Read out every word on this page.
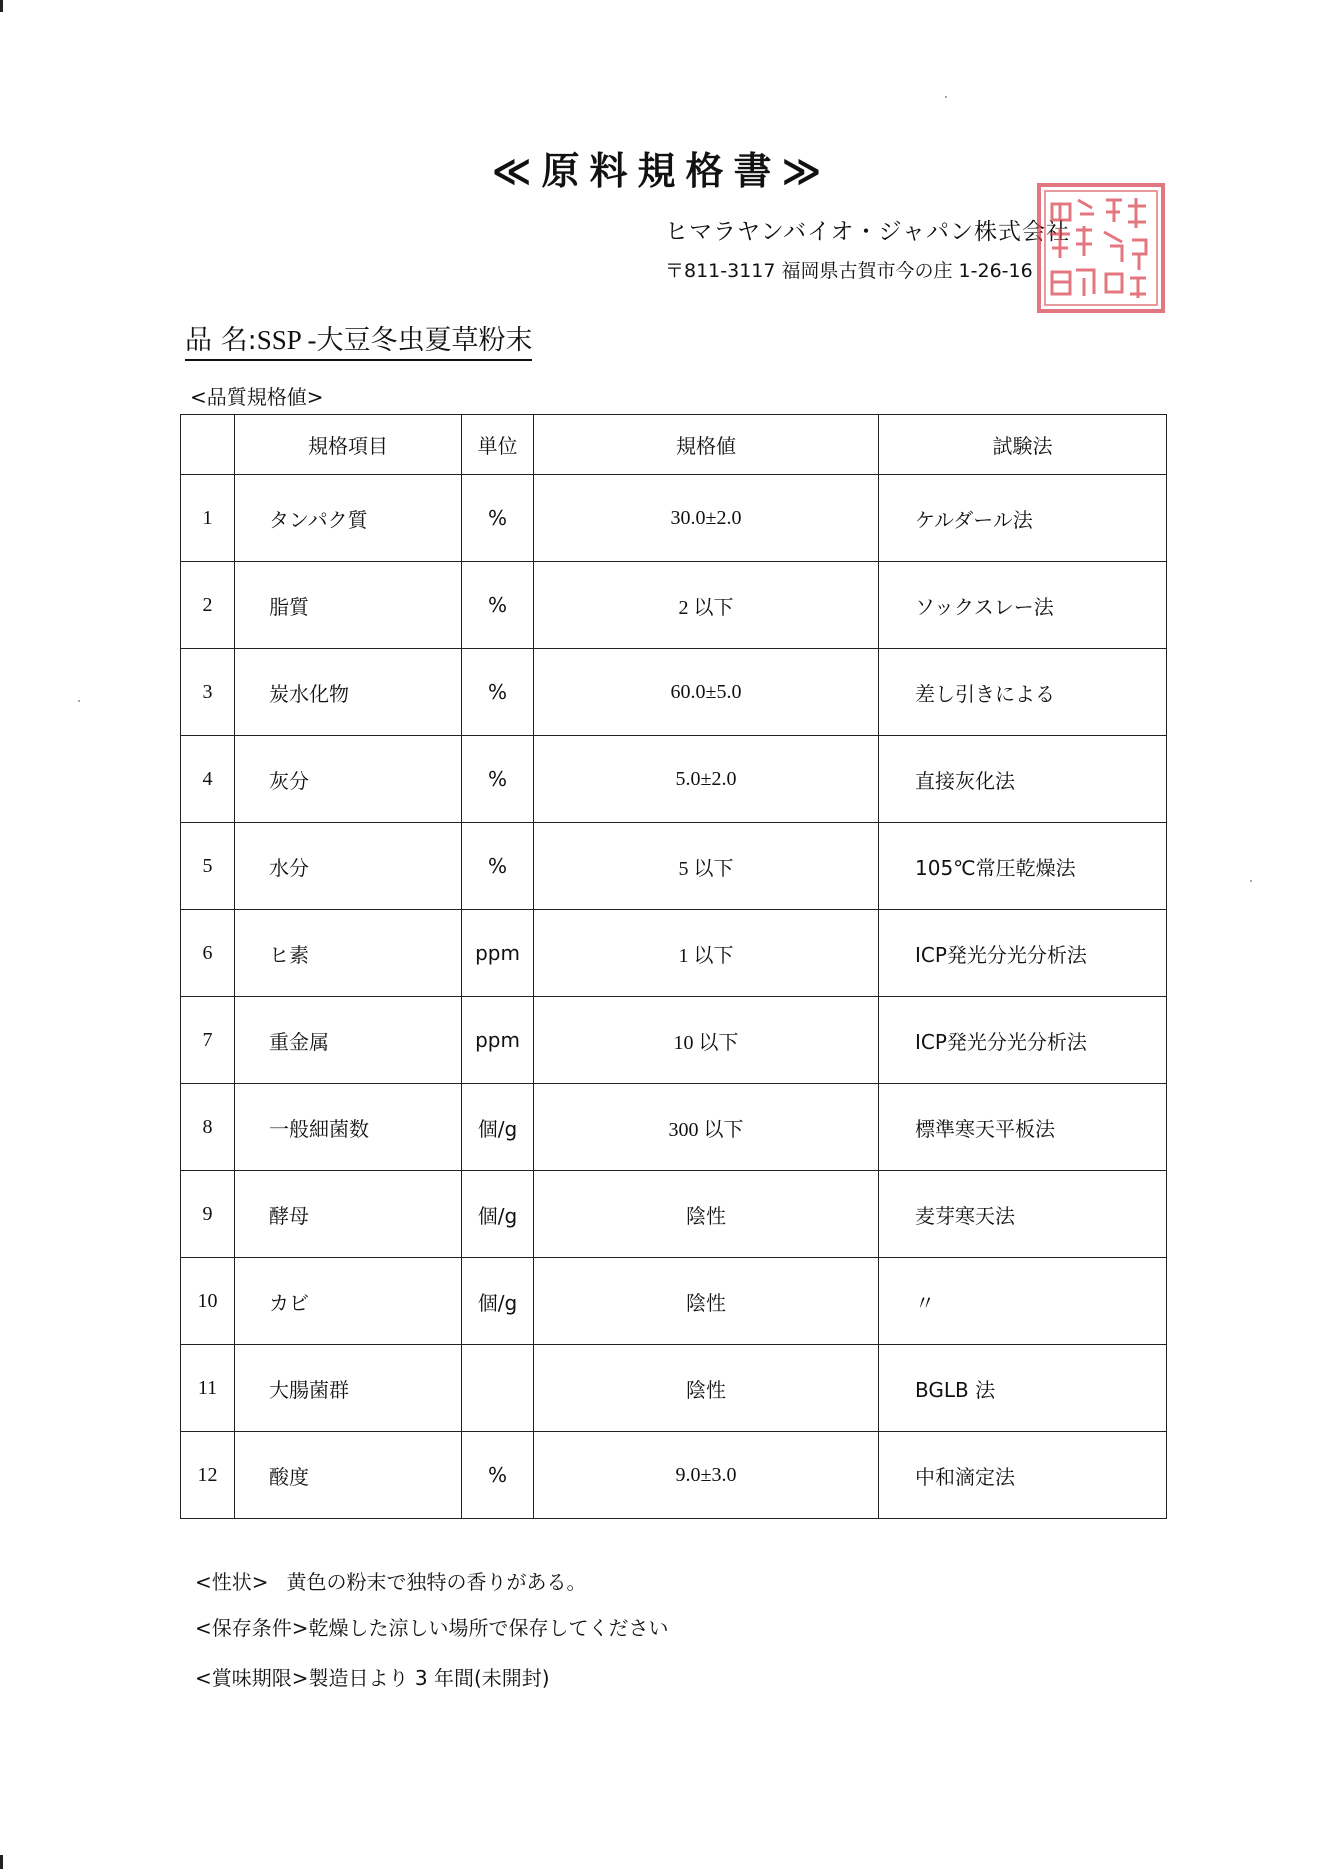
≪原料規格書≫
ヒマラヤンバイオ・ジャパン株式会社
〒811-3117 福岡県古賀市今の庄 1-26-16
品 名:SSP -大豆冬虫夏草粉末
<品質規格値>
	規格項目	単位	規格値	試験法
1	タンパク質	%	30.0±2.0	ケルダール法
2	脂質	%	2 以下	ソックスレー法
3	炭水化物	%	60.0±5.0	差し引きによる
4	灰分	%	5.0±2.0	直接灰化法
5	水分	%	5 以下	105℃常圧乾燥法
6	ヒ素	ppm	1 以下	ICP発光分光分析法
7	重金属	ppm	10 以下	ICP発光分光分析法
8	一般細菌数	個/g	300 以下	標準寒天平板法
9	酵母	個/g	陰性	麦芽寒天法
10	カビ	個/g	陰性	〃
11	大腸菌群		陰性	BGLB 法
12	酸度	%	9.0±3.0	中和滴定法
<性状> 黄色の粉末で独特の香りがある。
<保存条件>乾燥した涼しい場所で保存してください
<賞味期限>製造日より 3 年間(未開封)
